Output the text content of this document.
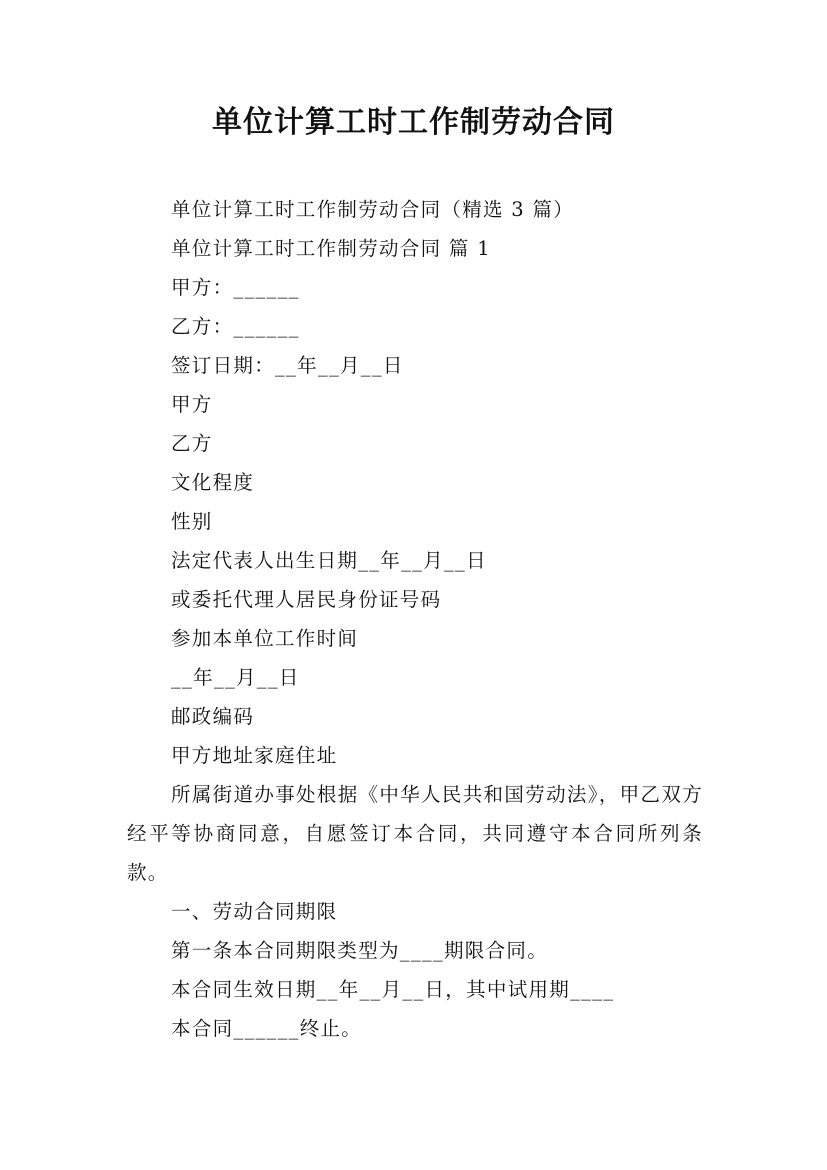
单位计算工时工作制劳动合同

单位计算工时工作制劳动合同（精选 3 篇）

单位计算工时工作制劳动合同 篇 1

甲方：______

乙方：______

签订日期：__年__月__日

甲方

乙方

文化程度

性别

法定代表人出生日期__年__月__日

或委托代理人居民身份证号码

参加本单位工作时间

__年__月__日

邮政编码

甲方地址家庭住址

所属街道办事处根据《中华人民共和国劳动法》，甲乙双方经平等协商同意，自愿签订本合同，共同遵守本合同所列条款。

一、劳动合同期限

第一条本合同期限类型为____期限合同。

本合同生效日期__年__月__日，其中试用期____

本合同______终止。
